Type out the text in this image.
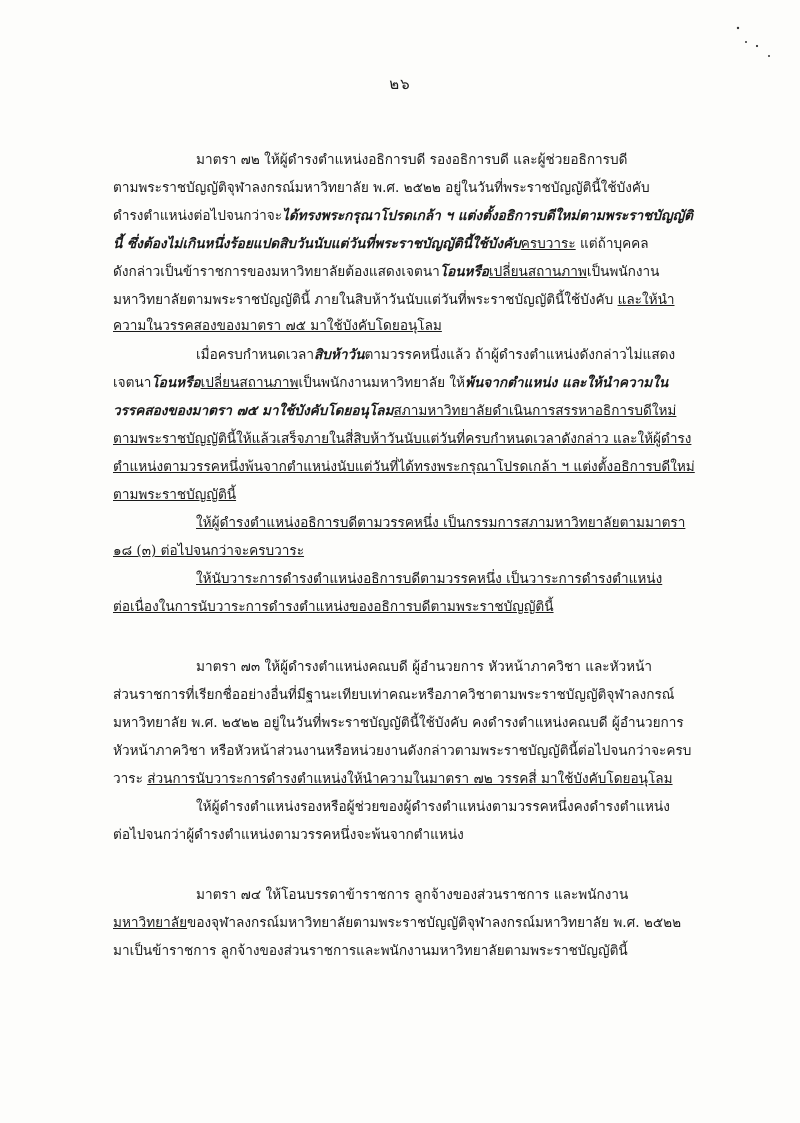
๒๖
มาตรา ๗๒ ให้ผู้ดำรงตำแหน่งอธิการบดี รองอธิการบดี และผู้ช่วยอธิการบดี
ตามพระราชบัญญัติจุฬาลงกรณ์มหาวิทยาลัย พ.ศ. ๒๕๒๒ อยู่ในวันที่พระราชบัญญัตินี้ใช้บังคับ
ดำรงตำแหน่งต่อไปจนกว่าจะได้ทรงพระกรุณาโปรดเกล้า ฯ แต่งตั้งอธิการบดีใหม่ตามพระราชบัญญัติ
นี้ ซึ่งต้องไม่เกินหนึ่งร้อยแปดสิบวันนับแต่วันที่พระราชบัญญัตินี้ใช้บังคับครบวาระ แต่ถ้าบุคคล
ดังกล่าวเป็นข้าราชการของมหาวิทยาลัยต้องแสดงเจตนาโอนหรือเปลี่ยนสถานภาพเป็นพนักงาน
มหาวิทยาลัยตามพระราชบัญญัตินี้ ภายในสิบห้าวันนับแต่วันที่พระราชบัญญัตินี้ใช้บังคับ และให้นำ
ความในวรรคสองของมาตรา ๗๕ มาใช้บังคับโดยอนุโลม
เมื่อครบกำหนดเวลาสิบห้าวันตามวรรคหนึ่งแล้ว ถ้าผู้ดำรงตำแหน่งดังกล่าวไม่แสดง
เจตนาโอนหรือเปลี่ยนสถานภาพเป็นพนักงานมหาวิทยาลัย ให้พ้นจากตำแหน่ง และให้นำความใน
วรรคสองของมาตรา ๗๕ มาใช้บังคับโดยอนุโลมสภามหาวิทยาลัยดำเนินการสรรหาอธิการบดีใหม่
ตามพระราชบัญญัตินี้ให้แล้วเสร็จภายในสี่สิบห้าวันนับแต่วันที่ครบกำหนดเวลาดังกล่าว และให้ผู้ดำรง
ตำแหน่งตามวรรคหนึ่งพ้นจากตำแหน่งนับแต่วันที่ได้ทรงพระกรุณาโปรดเกล้า ฯ แต่งตั้งอธิการบดีใหม่
ตามพระราชบัญญัตินี้
ให้ผู้ดำรงตำแหน่งอธิการบดีตามวรรคหนึ่ง เป็นกรรมการสภามหาวิทยาลัยตามมาตรา
๑๘ (๓) ต่อไปจนกว่าจะครบวาระ
ให้นับวาระการดำรงตำแหน่งอธิการบดีตามวรรคหนึ่ง เป็นวาระการดำรงตำแหน่ง
ต่อเนื่องในการนับวาระการดำรงตำแหน่งของอธิการบดีตามพระราชบัญญัตินี้
มาตรา ๗๓ ให้ผู้ดำรงตำแหน่งคณบดี ผู้อำนวยการ หัวหน้าภาควิชา และหัวหน้า
ส่วนราชการที่เรียกชื่ออย่างอื่นที่มีฐานะเทียบเท่าคณะหรือภาควิชาตามพระราชบัญญัติจุฬาลงกรณ์
มหาวิทยาลัย พ.ศ. ๒๕๒๒ อยู่ในวันที่พระราชบัญญัตินี้ใช้บังคับ คงดำรงตำแหน่งคณบดี ผู้อำนวยการ
หัวหน้าภาควิชา หรือหัวหน้าส่วนงานหรือหน่วยงานดังกล่าวตามพระราชบัญญัตินี้ต่อไปจนกว่าจะครบ
วาระ ส่วนการนับวาระการดำรงตำแหน่งให้นำความในมาตรา ๗๒ วรรคสี่ มาใช้บังคับโดยอนุโลม
ให้ผู้ดำรงตำแหน่งรองหรือผู้ช่วยของผู้ดำรงตำแหน่งตามวรรคหนึ่งคงดำรงตำแหน่ง
ต่อไปจนกว่าผู้ดำรงตำแหน่งตามวรรคหนึ่งจะพ้นจากตำแหน่ง
มาตรา ๗๔ ให้โอนบรรดาข้าราชการ ลูกจ้างของส่วนราชการ และพนักงาน
มหาวิทยาลัยของจุฬาลงกรณ์มหาวิทยาลัยตามพระราชบัญญัติจุฬาลงกรณ์มหาวิทยาลัย พ.ศ. ๒๕๒๒
มาเป็นข้าราชการ ลูกจ้างของส่วนราชการและพนักงานมหาวิทยาลัยตามพระราชบัญญัตินี้
